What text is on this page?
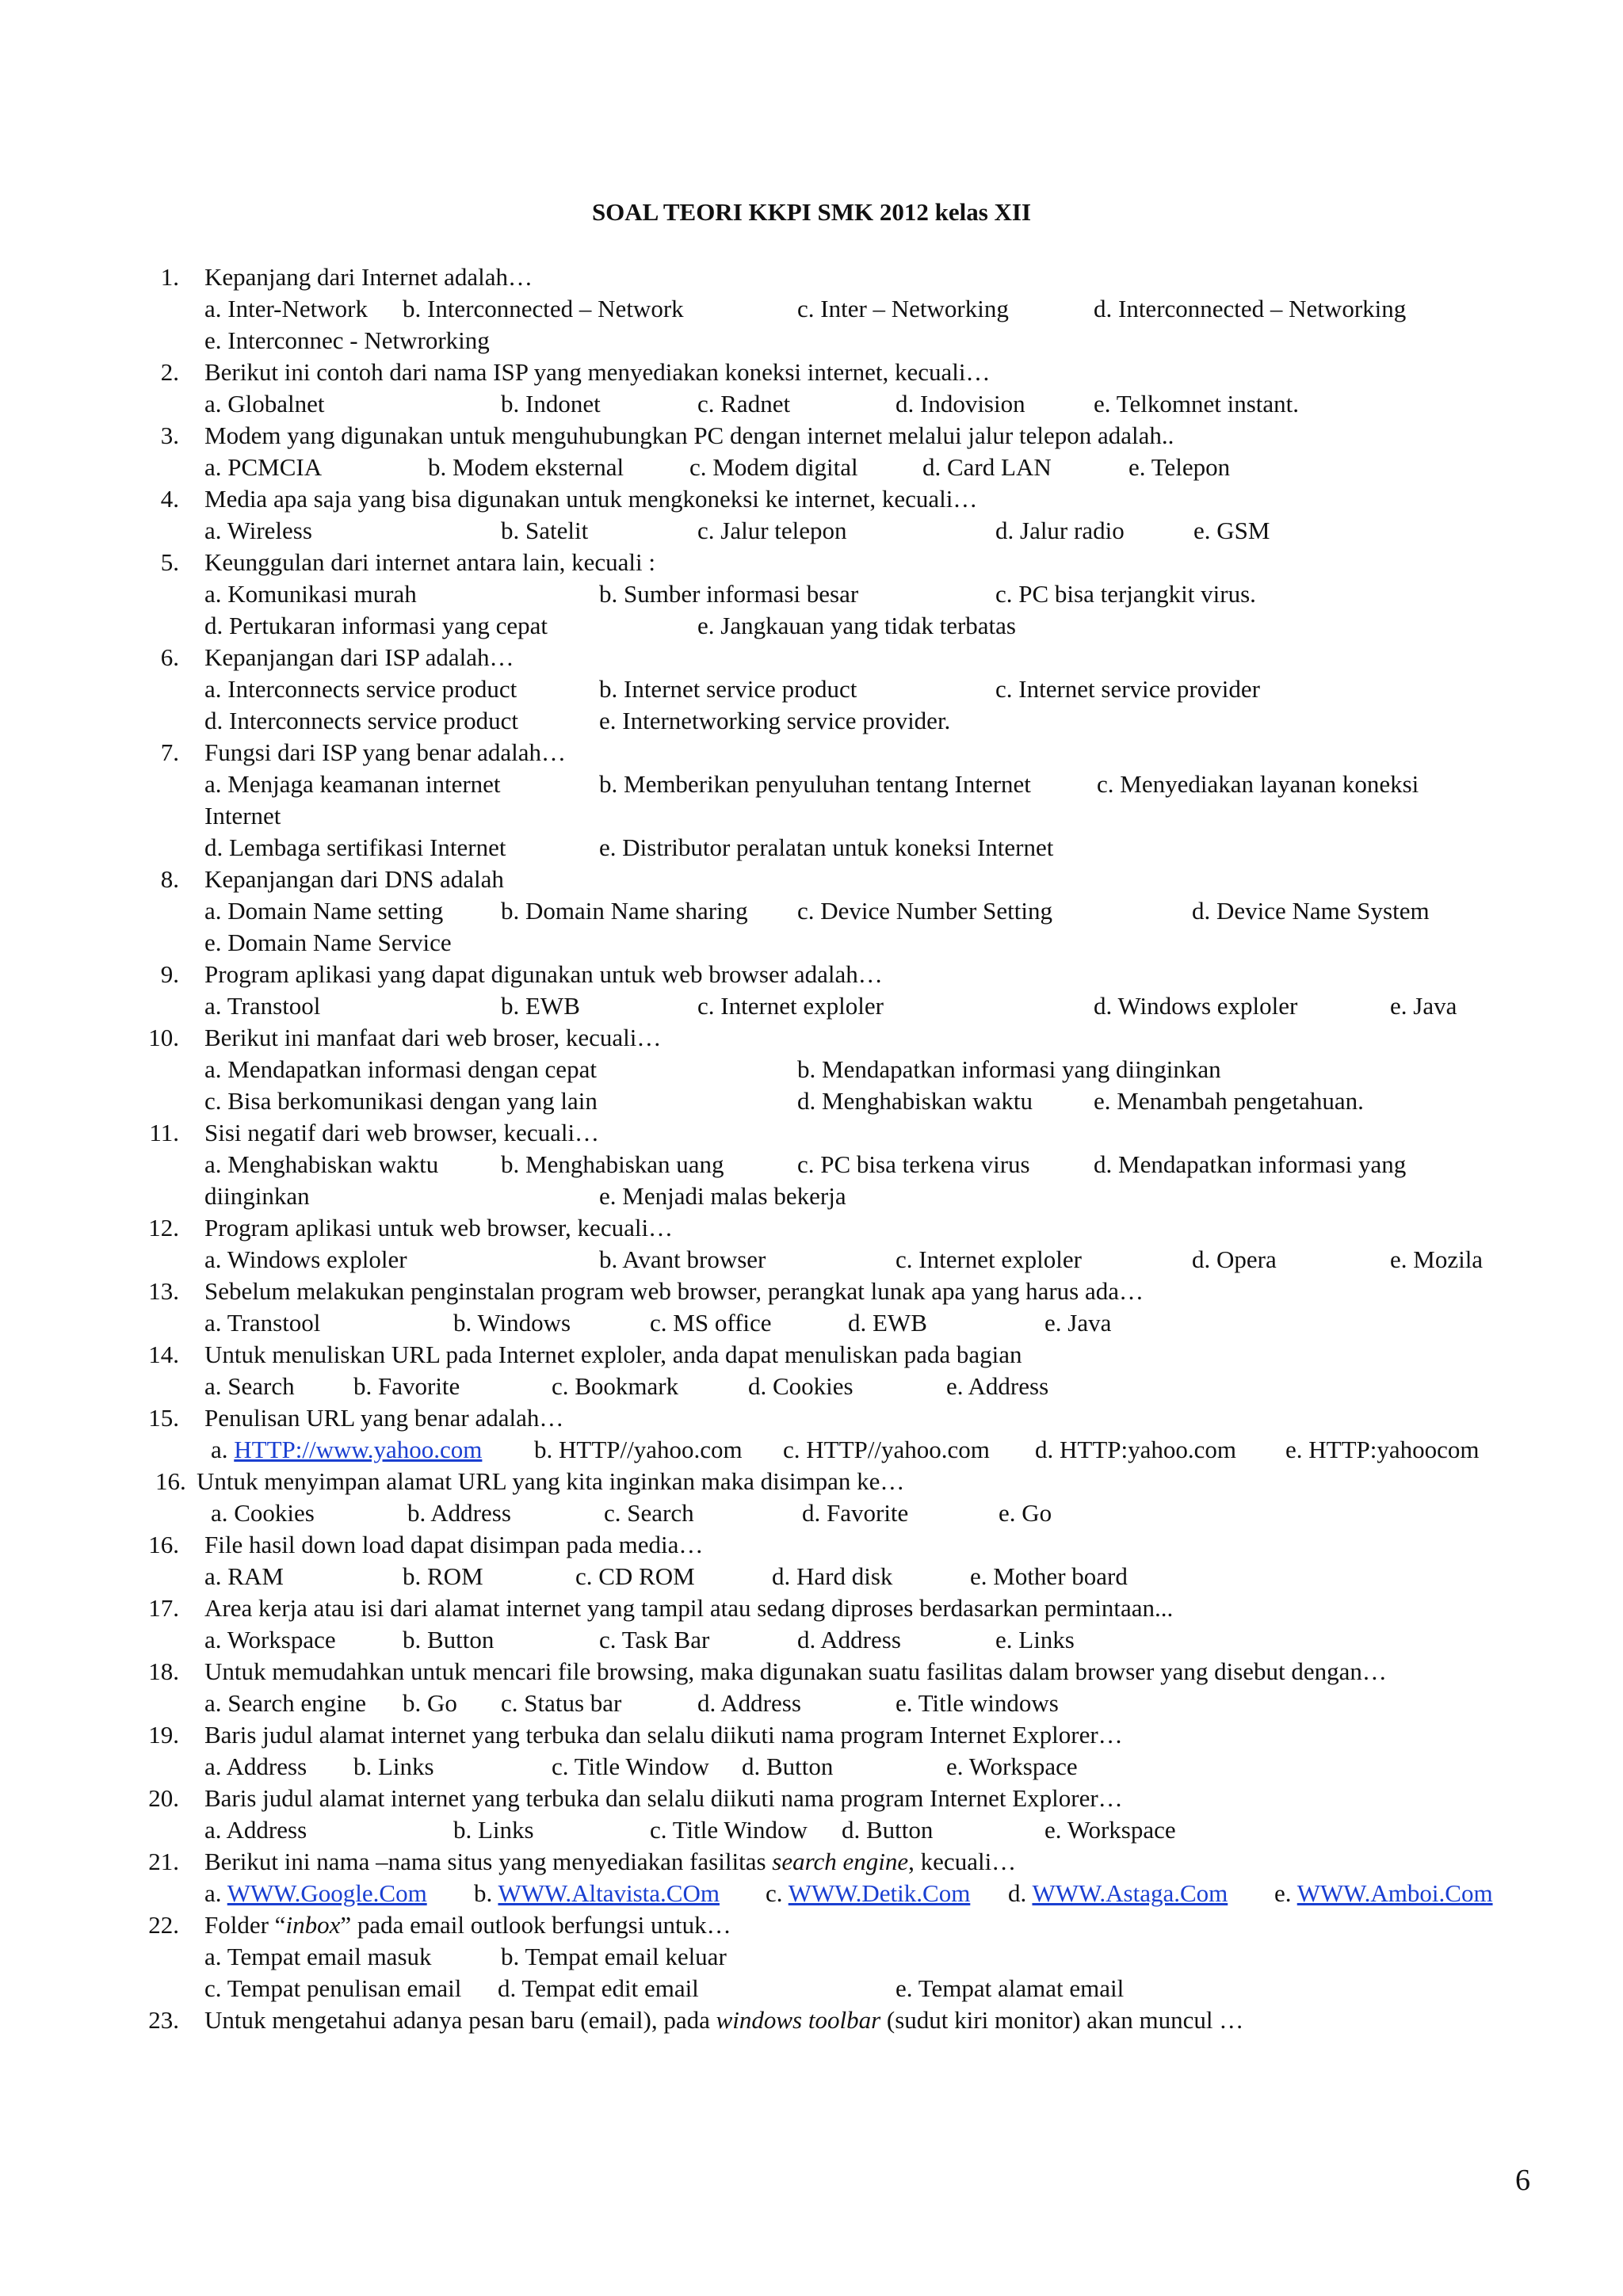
SOAL TEORI KKPI SMK 2012 kelas XII
1. Kepanjang dari Internet adalah…
a. Inter-Network b. Interconnected – Network	c. Inter – Networking	d. Interconnected – Networking
e. Interconnec - Netwrorking
2. Berikut ini contoh dari nama ISP yang menyediakan koneksi internet, kecuali…
a. Globalnet	b. Indonet	c. Radnet	d. Indovision	e. Telkomnet instant.
3. Modem yang digunakan untuk menguhubungkan PC dengan internet melalui jalur telepon adalah..
a. PCMCIA	b. Modem eksternal	c. Modem digital	d. Card LAN	e. Telepon
4. Media apa saja yang bisa digunakan untuk mengkoneksi ke internet, kecuali…
a. Wireless	b. Satelit	c. Jalur telepon	d. Jalur radio	e. GSM
5. Keunggulan dari internet antara lain, kecuali :
a. Komunikasi murah	b. Sumber informasi besar	c. PC bisa terjangkit virus.
d. Pertukaran informasi yang cepat	e. Jangkauan yang tidak terbatas
6. Kepanjangan dari ISP adalah…
a. Interconnects service product	b. Internet service product	c. Internet service provider
d. Interconnects service product	e. Internetworking service provider.
7. Fungsi dari ISP yang benar adalah…
a. Menjaga keamanan internet	b. Memberikan penyuluhan tentang Internet	c. Menyediakan layanan koneksi
Internet
d. Lembaga sertifikasi Internet	e. Distributor peralatan untuk koneksi Internet
8. Kepanjangan dari DNS adalah
a. Domain Name setting b. Domain Name sharing c. Device Number Setting	d. Device Name System
e. Domain Name Service
9. Program aplikasi yang dapat digunakan untuk web browser adalah…
a. Transtool	b. EWB	c. Internet exploler	d. Windows exploler	e. Java
10. Berikut ini manfaat dari web broser, kecuali…
a. Mendapatkan informasi dengan cepat	b. Mendapatkan informasi yang diinginkan
c. Bisa berkomunikasi dengan yang lain	d. Menghabiskan waktu e. Menambah pengetahuan.
11. Sisi negatif dari web browser, kecuali…
a. Menghabiskan waktu	b. Menghabiskan uang	c. PC bisa terkena virus	d. Mendapatkan informasi yang
diinginkan	e. Menjadi malas bekerja
12. Program aplikasi untuk web browser, kecuali…
a. Windows exploler	b. Avant browser	c. Internet exploler	d. Opera	e. Mozila
13. Sebelum melakukan penginstalan program web browser, perangkat lunak apa yang harus ada…
a. Transtool	b. Windows	c. MS office	d. EWB	e. Java
14. Untuk menuliskan URL pada Internet exploler, anda dapat menuliskan pada bagian
a. Search b. Favorite	c. Bookmark	d. Cookies	e. Address
15. Penulisan URL yang benar adalah…
a. HTTP://www.yahoo.com b. HTTP//yahoo.com c. HTTP//yahoo.com d. HTTP:yahoo.com e. HTTP:yahoocom
16. Untuk menyimpan alamat URL yang kita inginkan maka disimpan ke…
a. Cookies	b. Address	c. Search	d. Favorite	e. Go
16. File hasil down load dapat disimpan pada media…
a. RAM	b. ROM	c. CD ROM	d. Hard disk	e. Mother board
17. Area kerja atau isi dari alamat internet yang tampil atau sedang diproses berdasarkan permintaan...
a. Workspace	b. Button	c. Task Bar	d. Address	e. Links
18. Untuk memudahkan untuk mencari file browsing, maka digunakan suatu fasilitas dalam browser yang disebut dengan…
a. Search engine b. Go c. Status bar	d. Address	e. Title windows
19. Baris judul alamat internet yang terbuka dan selalu diikuti nama program Internet Explorer…
a. Address b. Links	c. Title Window d. Button	e. Workspace
20. Baris judul alamat internet yang terbuka dan selalu diikuti nama program Internet Explorer…
a. Address	b. Links	c. Title Window d. Button	e. Workspace
21. Berikut ini nama –nama situs yang menyediakan fasilitas search engine, kecuali…
a. WWW.Google.Com b. WWW.Altavista.COm c. WWW.Detik.Com d. WWW.Astaga.Com e. WWW.Amboi.Com
22. Folder “inbox” pada email outlook berfungsi untuk…
a. Tempat email masuk	b. Tempat email keluar
c. Tempat penulisan email d. Tempat edit email	e. Tempat alamat email
23. Untuk mengetahui adanya pesan baru (email), pada windows toolbar (sudut kiri monitor) akan muncul …
6
